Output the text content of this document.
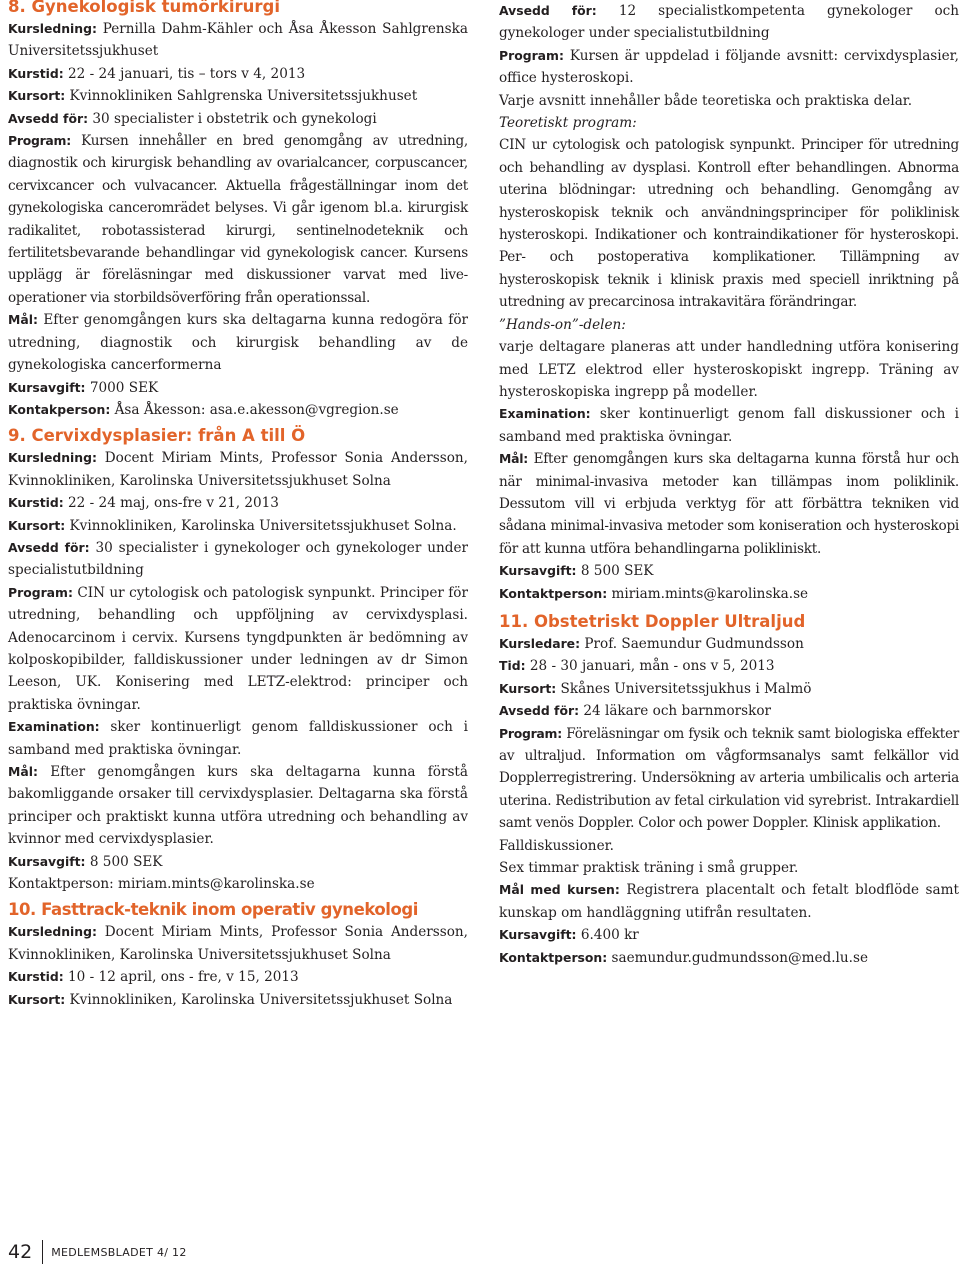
8. Gynekologisk tumörkirurgi

Kursledning: Pernilla Dahm-Kähler och Åsa Åkesson Sahlgrenska Universitetssjukhuset

Kurstid: 22 - 24 januari, tis – tors v 4, 2013

Kursort: Kvinnokliniken Sahlgrenska Universitetssjukhuset

Avsedd för: 30 specialister i obstetrik och gynekologi

Program: Kursen innehåller en bred genomgång av utredning, diagnostik och kirurgisk behandling av ovarialcancer, corpuscancer, cervixcancer och vulvacancer. Aktuella frågeställningar inom det gynekologiska canceromrädet belyses. Vi går igenom bl.a. kirurgisk radikalitet, robotassisterad kirurgi, sentinelnodeteknik och fertilitetsbevarande behandlingar vid gynekologisk cancer. Kursens upplägg är föreläsningar med diskussioner varvat med live-operationer via storbildsöverföring från operationssal.

Mål: Efter genomgången kurs ska deltagarna kunna redogöra för utredning, diagnostik och kirurgisk behandling av de gynekologiska cancerformerna

Kursavgift: 7000 SEK

Kontakperson: Åsa Åkesson: asa.e.akesson@vgregion.se

9. Cervixdysplasier: från A till Ö

Kursledning: Docent Miriam Mints, Professor Sonia Andersson, Kvinnokliniken, Karolinska Universitetssjukhuset Solna

Kurstid: 22 - 24 maj, ons-fre v 21, 2013

Kursort: Kvinnokliniken, Karolinska Universitetssjukhuset Solna.

Avsedd för: 30 specialister i gynekologer och gynekologer under specialistutbildning

Program: CIN ur cytologisk och patologisk synpunkt. Principer för utredning, behandling och uppföljning av cervixdysplasi. Adenocarcinom i cervix. Kursens tyngdpunkten är bedömning av kolposkopibilder, falldiskussioner under ledningen av dr Simon Leeson, UK. Konisering med LETZ-elektrod: principer och praktiska övningar.

Examination: sker kontinuerligt genom falldiskussioner och i samband med praktiska övningar.

Mål: Efter genomgången kurs ska deltagarna kunna förstå bakomliggande orsaker till cervixdysplasier. Deltagarna ska förstå principer och praktiskt kunna utföra utredning och behandling av kvinnor med cervixdysplasier.

Kursavgift: 8 500 SEK

Kontaktperson: miriam.mints@karolinska.se

10. Fasttrack-teknik inom operativ gynekologi

Kursledning: Docent Miriam Mints, Professor Sonia Andersson, Kvinnokliniken, Karolinska Universitetssjukhuset Solna

Kurstid: 10 - 12 april, ons - fre, v 15, 2013

Kursort: Kvinnokliniken, Karolinska Universitetssjukhuset Solna

Avsedd för: 12 specialistkompetenta gynekologer och gynekologer under specialistutbildning

Program: Kursen är uppdelad i följande avsnitt: cervixdysplasier, office hysteroskopi.

Varje avsnitt innehåller både teoretiska och praktiska delar.

Teoretiskt program:

CIN ur cytologisk och patologisk synpunkt. Principer för utredning och behandling av dysplasi. Kontroll efter behandlingen. Abnorma uterina blödningar: utredning och behandling. Genomgång av hysteroskopisk teknik och användningsprinciper för poliklinisk hysteroskopi. Indikationer och kontraindikationer för hysteroskopi. Per- och postoperativa komplikationer. Tillämpning av hysteroskopisk teknik i klinisk praxis med speciell inriktning på utredning av precarcinosa intrakavitära förändringar.

”Hands-on”-delen:

varje deltagare planeras att under handledning utföra konisering med LETZ elektrod eller hysteroskopiskt ingrepp. Träning av hysteroskopiska ingrepp på modeller.

Examination: sker kontinuerligt genom fall diskussioner och i samband med praktiska övningar.

Mål: Efter genomgången kurs ska deltagarna kunna förstå hur och när minimal-invasiva metoder kan tillämpas inom poliklinik. Dessutom vill vi erbjuda verktyg för att förbättra tekniken vid sådana minimal-invasiva metoder som koniseration och hysteroskopi för att kunna utföra behandlingarna polikliniskt.

Kursavgift: 8 500 SEK

Kontaktperson: miriam.mints@karolinska.se

11. Obstetriskt Doppler Ultraljud

Kursledare: Prof. Saemundur Gudmundsson

Tid: 28 - 30 januari, mån - ons v 5, 2013

Kursort: Skånes Universitetssjukhus i Malmö

Avsedd för: 24 läkare och barnmorskor

Program: Föreläsningar om fysik och teknik samt biologiska effekter av ultraljud. Information om vågformsanalys samt felkällor vid Dopplerregistrering. Undersökning av arteria umbilicalis och arteria uterina. Redistribution av fetal cirkulation vid syrebrist. Intrakardiell samt venös Doppler. Color och power Doppler. Klinisk applikation.

Falldiskussioner.

Sex timmar praktisk träning i små grupper.

Mål med kursen: Registrera placentalt och fetalt blodflöde samt kunskap om handläggning utifrån resultaten.

Kursavgift: 6.400 kr

Kontaktperson: saemundur.gudmundsson@med.lu.se

42 MEDLEMSBLADET 4/ 12
